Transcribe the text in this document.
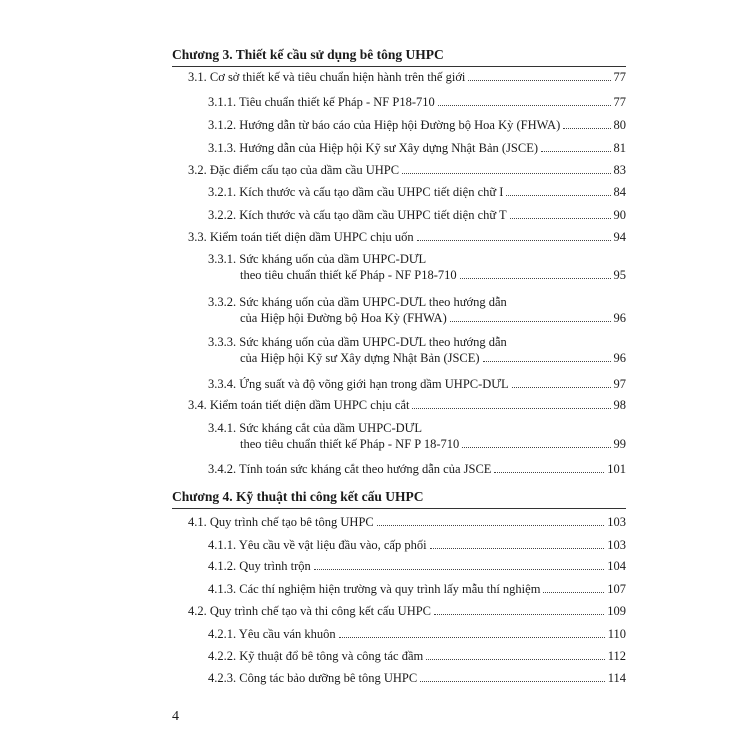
Chương 3. Thiết kế cầu sử dụng bê tông UHPC
3.1. Cơ sở thiết kế và tiêu chuẩn hiện hành trên thế giới	77
3.1.1. Tiêu chuẩn thiết kế Pháp - NF P18-710	77
3.1.2. Hướng dẫn từ báo cáo của Hiệp hội Đường bộ Hoa Kỳ (FHWA)	80
3.1.3. Hướng dẫn của Hiệp hội Kỹ sư Xây dựng Nhật Bản (JSCE)	81
3.2. Đặc điểm cấu tạo của dầm cầu UHPC	83
3.2.1. Kích thước và cấu tạo dầm cầu UHPC tiết diện chữ I	84
3.2.2. Kích thước và cấu tạo dầm cầu UHPC tiết diện chữ T	90
3.3. Kiểm toán tiết diện dầm UHPC chịu uốn	94
3.3.1. Sức kháng uốn của dầm UHPC-DƯL
theo tiêu chuẩn thiết kế Pháp - NF P18-710	95
3.3.2. Sức kháng uốn của dầm UHPC-DƯL theo hướng dẫn
của Hiệp hội Đường bộ Hoa Kỳ (FHWA)	96
3.3.3. Sức kháng uốn của dầm UHPC-DƯL theo hướng dẫn
của Hiệp hội Kỹ sư Xây dựng Nhật Bản (JSCE)	96
3.3.4. Ứng suất và độ võng giới hạn trong dầm UHPC-DƯL	97
3.4. Kiểm toán tiết diện dầm UHPC chịu cắt	98
3.4.1. Sức kháng cắt của dầm UHPC-DƯL
theo tiêu chuẩn thiết kế Pháp - NF P 18-710	99
3.4.2. Tính toán sức kháng cắt theo hướng dẫn của JSCE	101
Chương 4. Kỹ thuật thi công kết cấu UHPC
4.1. Quy trình chế tạo bê tông UHPC	103
4.1.1. Yêu cầu về vật liệu đầu vào, cấp phối	103
4.1.2. Quy trình trộn	104
4.1.3. Các thí nghiệm hiện trường và quy trình lấy mẫu thí nghiệm	107
4.2. Quy trình chế tạo và thi công kết cấu UHPC	109
4.2.1. Yêu cầu ván khuôn	110
4.2.2. Kỹ thuật đổ bê tông và công tác đầm	112
4.2.3. Công tác bảo dưỡng bê tông UHPC	114
4
